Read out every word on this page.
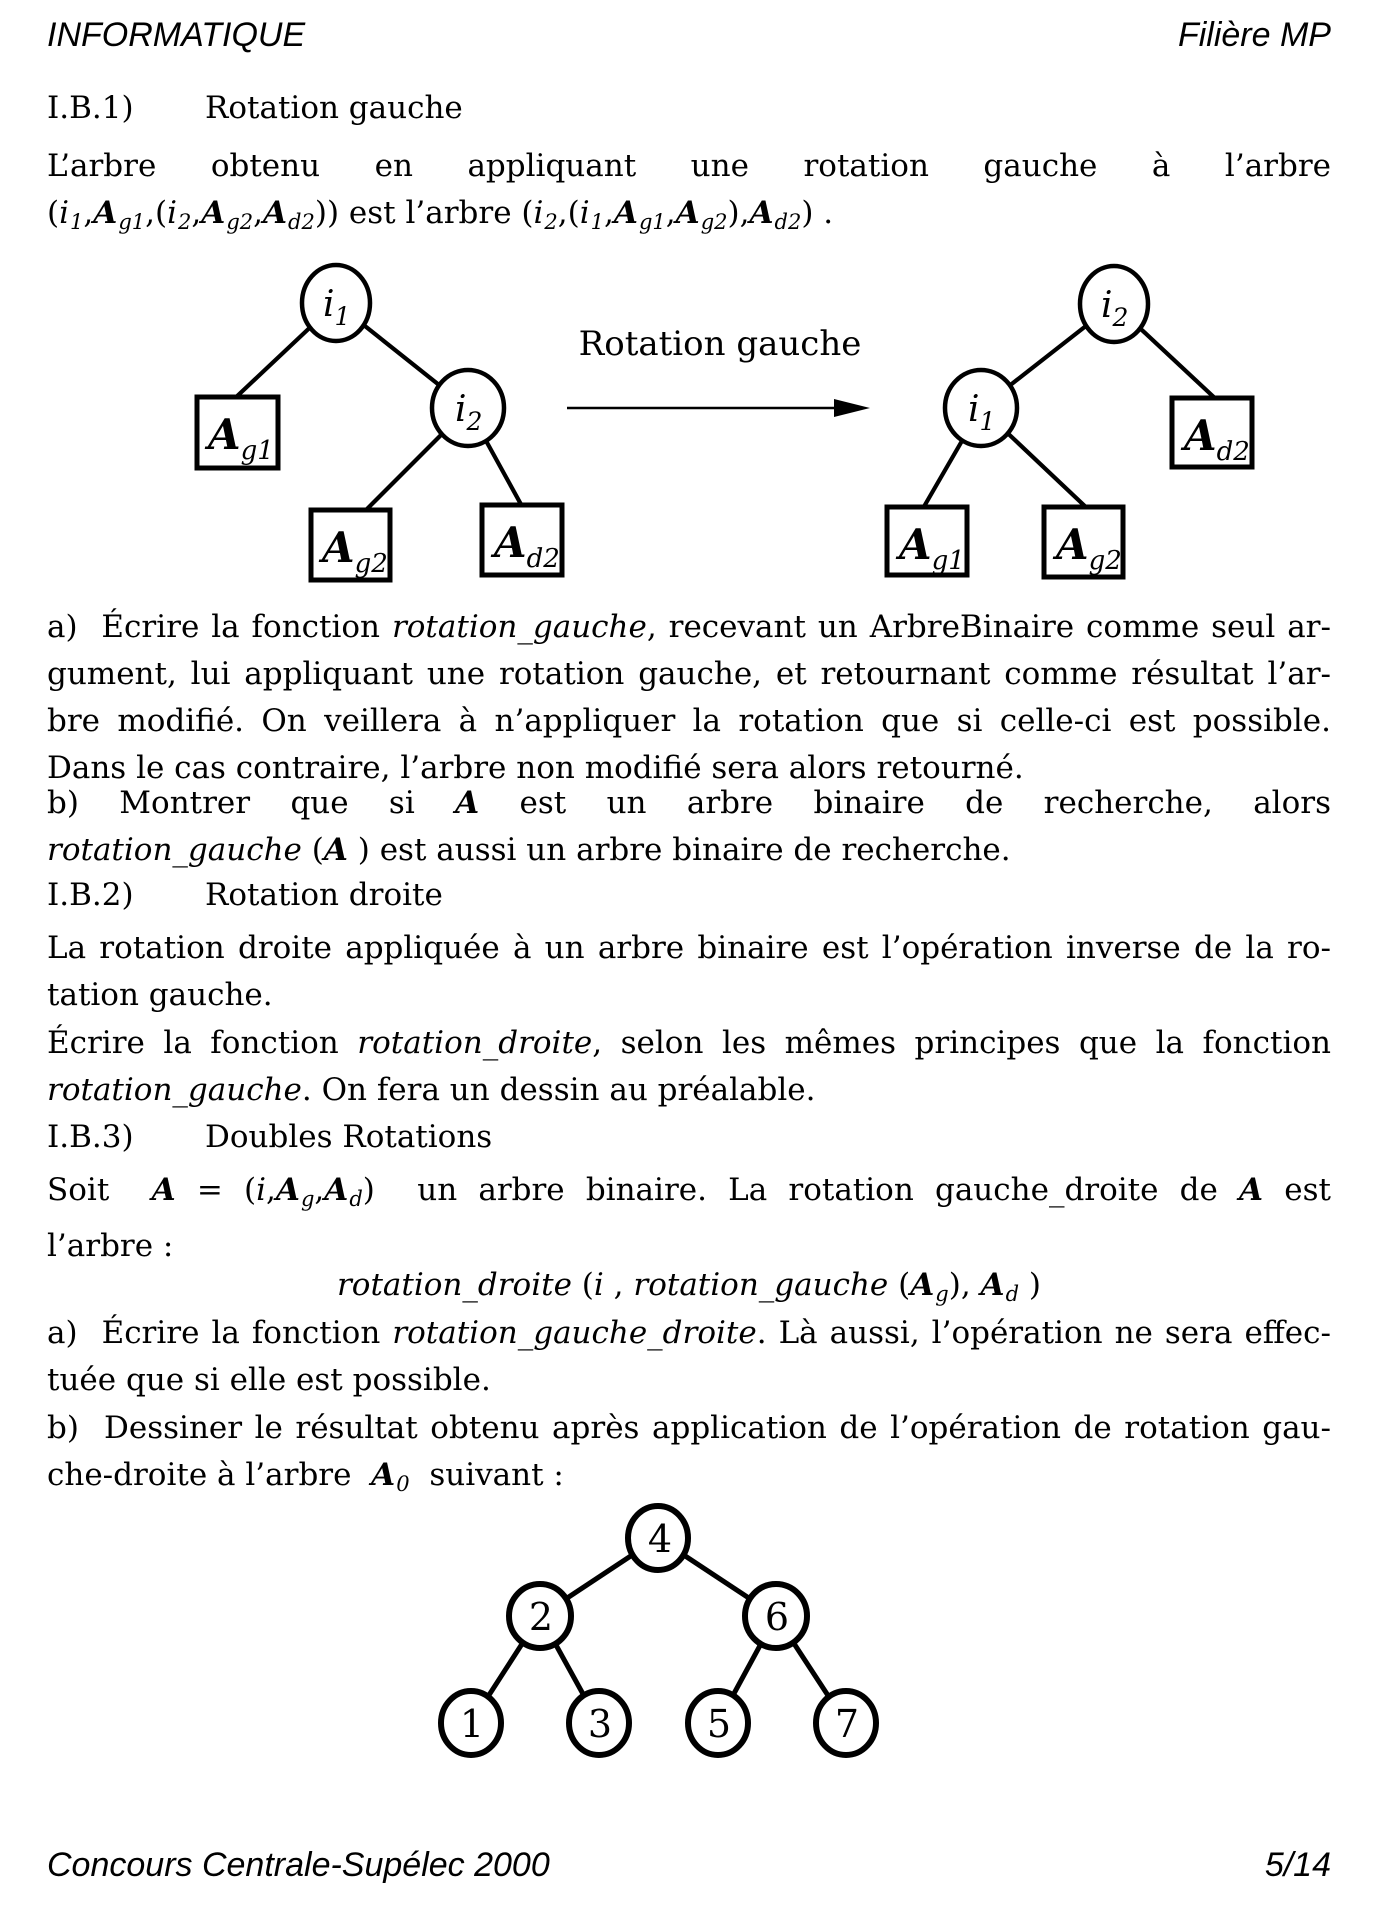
INFORMATIQUE	Filière MP
I.B.1) Rotation gauche
L’arbre obtenu en appliquant une rotation gauche à l’arbre
(i1,Ag1,(i2,Ag2,Ad2)) est l’arbre (i2,(i1,Ag1,Ag2),Ad2) .
Rotation gauche
$i_1$
$i_2$
$A_{g1}$
$A_{g2}$	$A_{d2}$
$i_2$
$i_1$	$A_{d2}$
$A_{g1}$ $A_{g2}$
a)  Écrire la fonction rotation_gauche, recevant un ArbreBinaire comme seul ar-
gument, lui appliquant une rotation gauche, et retournant comme résultat l’ar-
bre modifié. On veillera à n’appliquer la rotation que si celle-ci est possible.
Dans le cas contraire, l’arbre non modifié sera alors retourné.
b) Montrer que si A est un arbre binaire de recherche, alors
rotation_gauche (A ) est aussi un arbre binaire de recherche.
I.B.2) Rotation droite
La rotation droite appliquée à un arbre binaire est l’opération inverse de la ro-
tation gauche.
Écrire la fonction rotation_droite, selon les mêmes principes que la fonction
rotation_gauche. On fera un dessin au préalable.
I.B.3) Doubles Rotations
Soit  A = (i,Ag,Ad)  un arbre binaire. La rotation gauche_droite de A est
l’arbre :
rotation_droite (i , rotation_gauche (Ag), Ad )
a)  Écrire la fonction rotation_gauche_droite. Là aussi, l’opération ne sera effec-
tuée que si elle est possible.
b)  Dessiner le résultat obtenu après application de l’opération de rotation gau-
che-droite à l’arbre  A0  suivant :
4
2	6
1	3 5	7
Concours Centrale-Supélec 2000	5/14
